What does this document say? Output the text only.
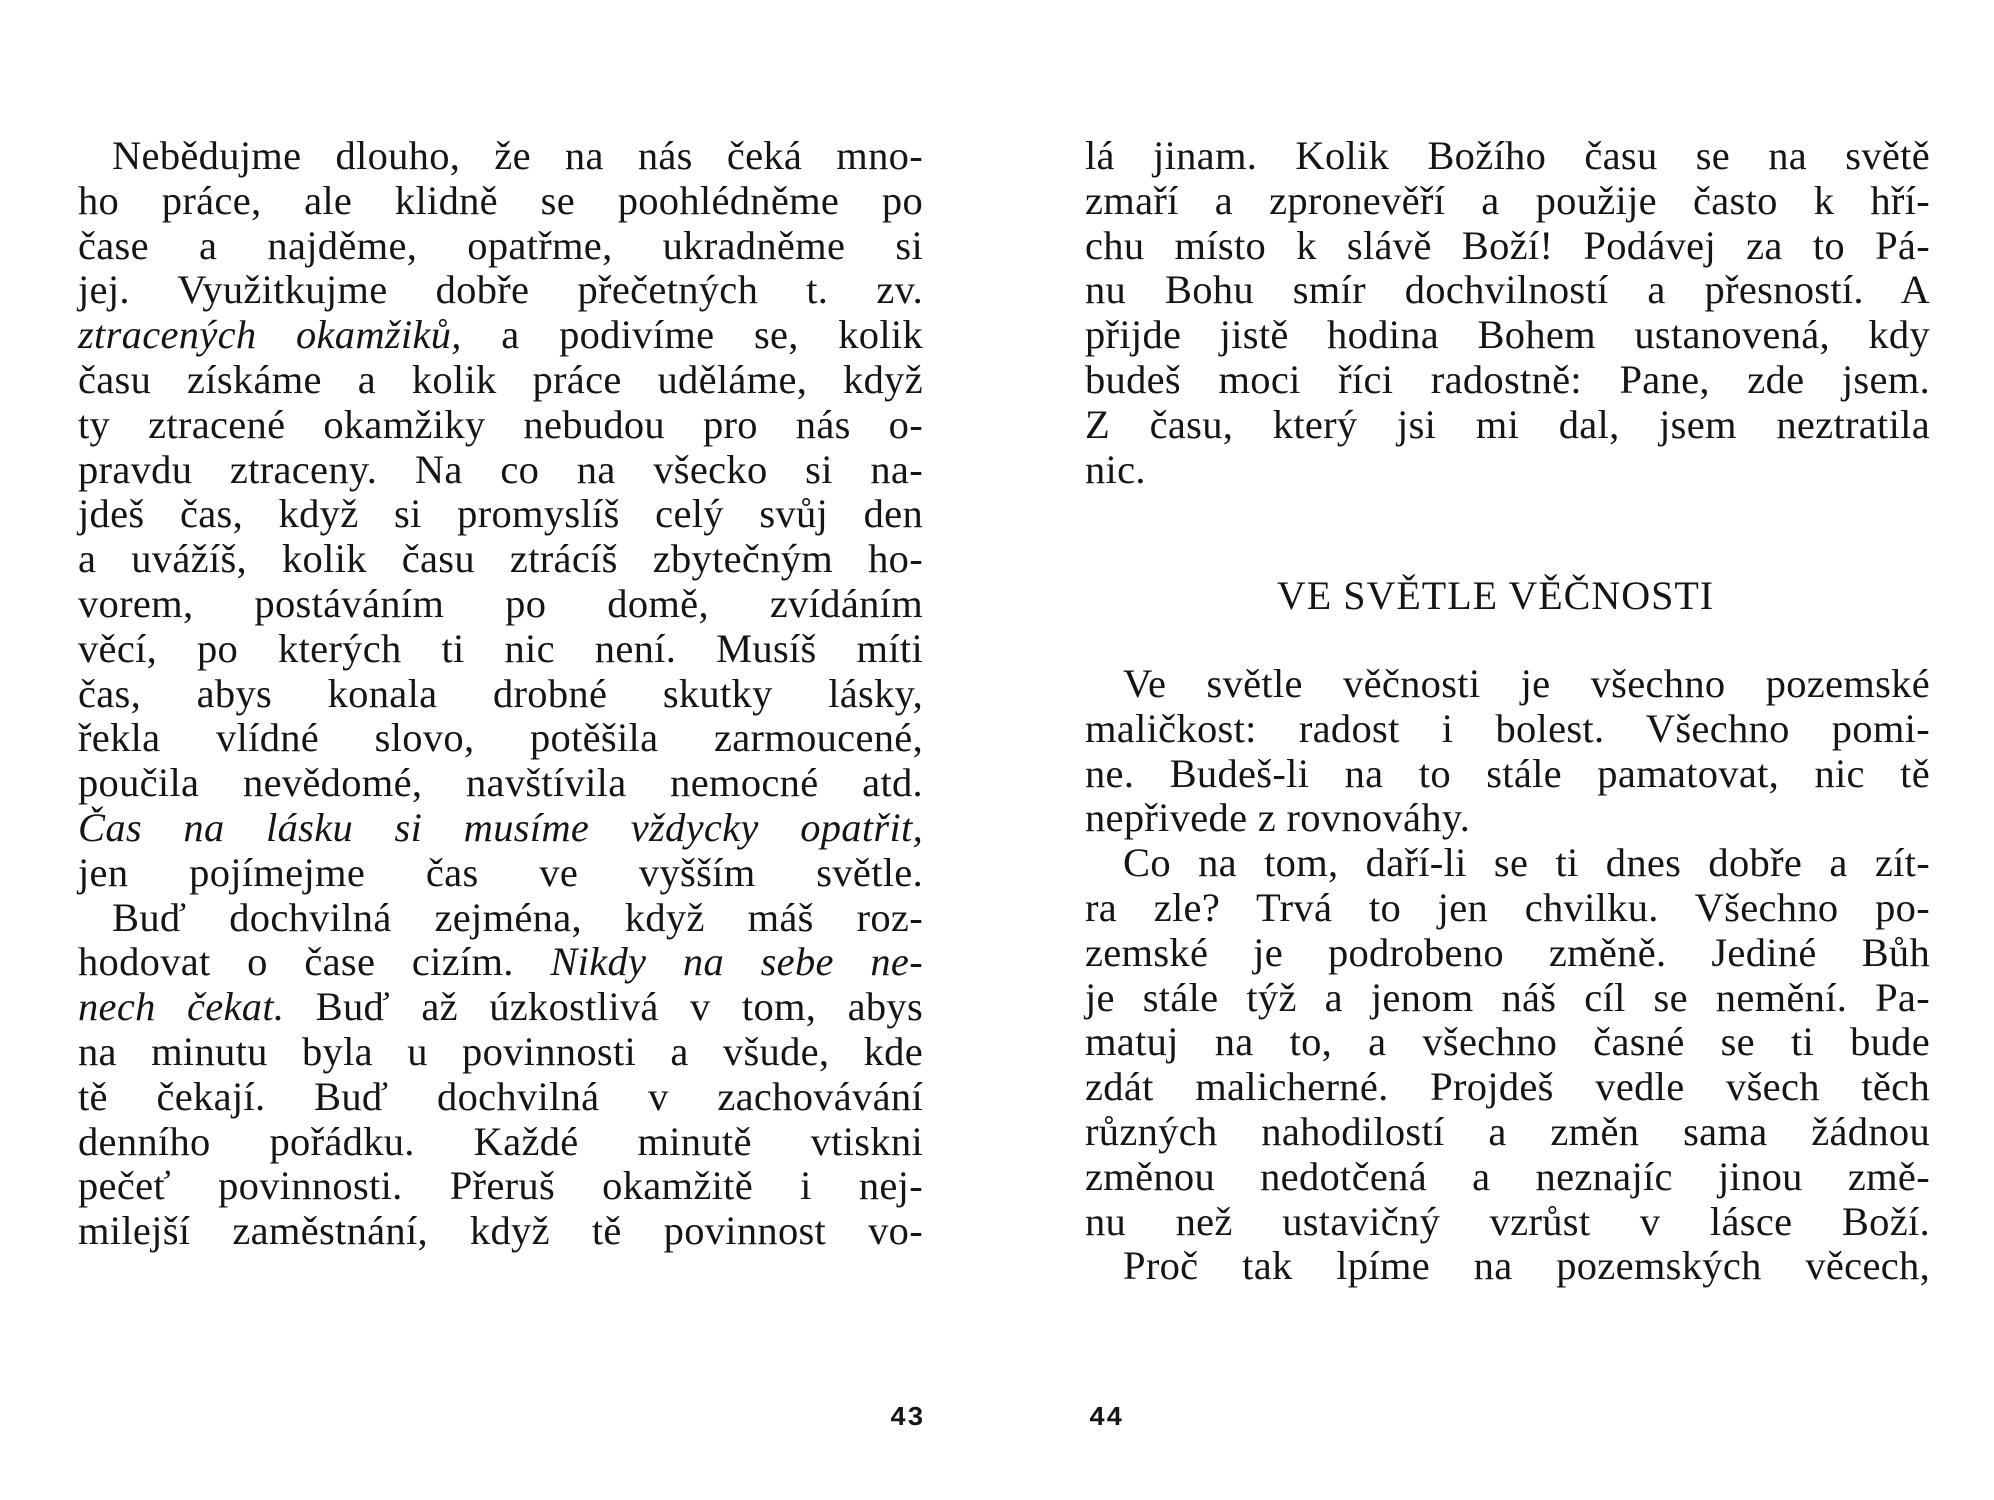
Nebědujme dlouho, že na nás čeká mno-
ho práce, ale klidně se poohlédněme po
čase a najděme, opatřme, ukradněme si
jej. Využitkujme dobře přečetných t. zv.
ztracených okamžiků, a podivíme se, kolik
času získáme a kolik práce uděláme, když
ty ztracené okamžiky nebudou pro nás o-
pravdu ztraceny. Na co na všecko si na-
jdeš čas, když si promyslíš celý svůj den
a uvážíš, kolik času ztrácíš zbytečným ho-
vorem, postáváním po domě, zvídáním
věcí, po kterých ti nic není. Musíš míti
čas, abys konala drobné skutky lásky,
řekla vlídné slovo, potěšila zarmoucené,
poučila nevědomé, navštívila nemocné atd.
Čas na lásku si musíme vždycky opatřit,
jen pojímejme čas ve vyšším světle.
Buď dochvilná zejména, když máš roz-
hodovat o čase cizím. Nikdy na sebe ne-
nech čekat. Buď až úzkostlivá v tom, abys
na minutu byla u povinnosti a všude, kde
tě čekají. Buď dochvilná v zachovávání
denního pořádku. Každé minutě vtiskni
pečeť povinnosti. Přeruš okamžitě i nej-
milejší zaměstnání, když tě povinnost vo-
43
lá jinam. Kolik Božího času se na světě
zmaří a zpronevěří a použije často k hří-
chu místo k slávě Boží! Podávej za to Pá-
nu Bohu smír dochvilností a přesností. A
přijde jistě hodina Bohem ustanovená, kdy
budeš moci říci radostně: Pane, zde jsem.
Z času, který jsi mi dal, jsem neztratila
nic.
VE SVĚTLE VĚČNOSTI
Ve světle věčnosti je všechno pozemské
maličkost: radost i bolest. Všechno pomi-
ne. Budeš-li na to stále pamatovat, nic tě
nepřivede z rovnováhy.
Co na tom, daří-li se ti dnes dobře a zít-
ra zle? Trvá to jen chvilku. Všechno po-
zemské je podrobeno změně. Jediné Bůh
je stále týž a jenom náš cíl se nemění. Pa-
matuj na to, a všechno časné se ti bude
zdát malicherné. Projdeš vedle všech těch
různých nahodilostí a změn sama žádnou
změnou nedotčená a neznajíc jinou změ-
nu než ustavičný vzrůst v lásce Boží.
Proč tak lpíme na pozemských věcech,
44
